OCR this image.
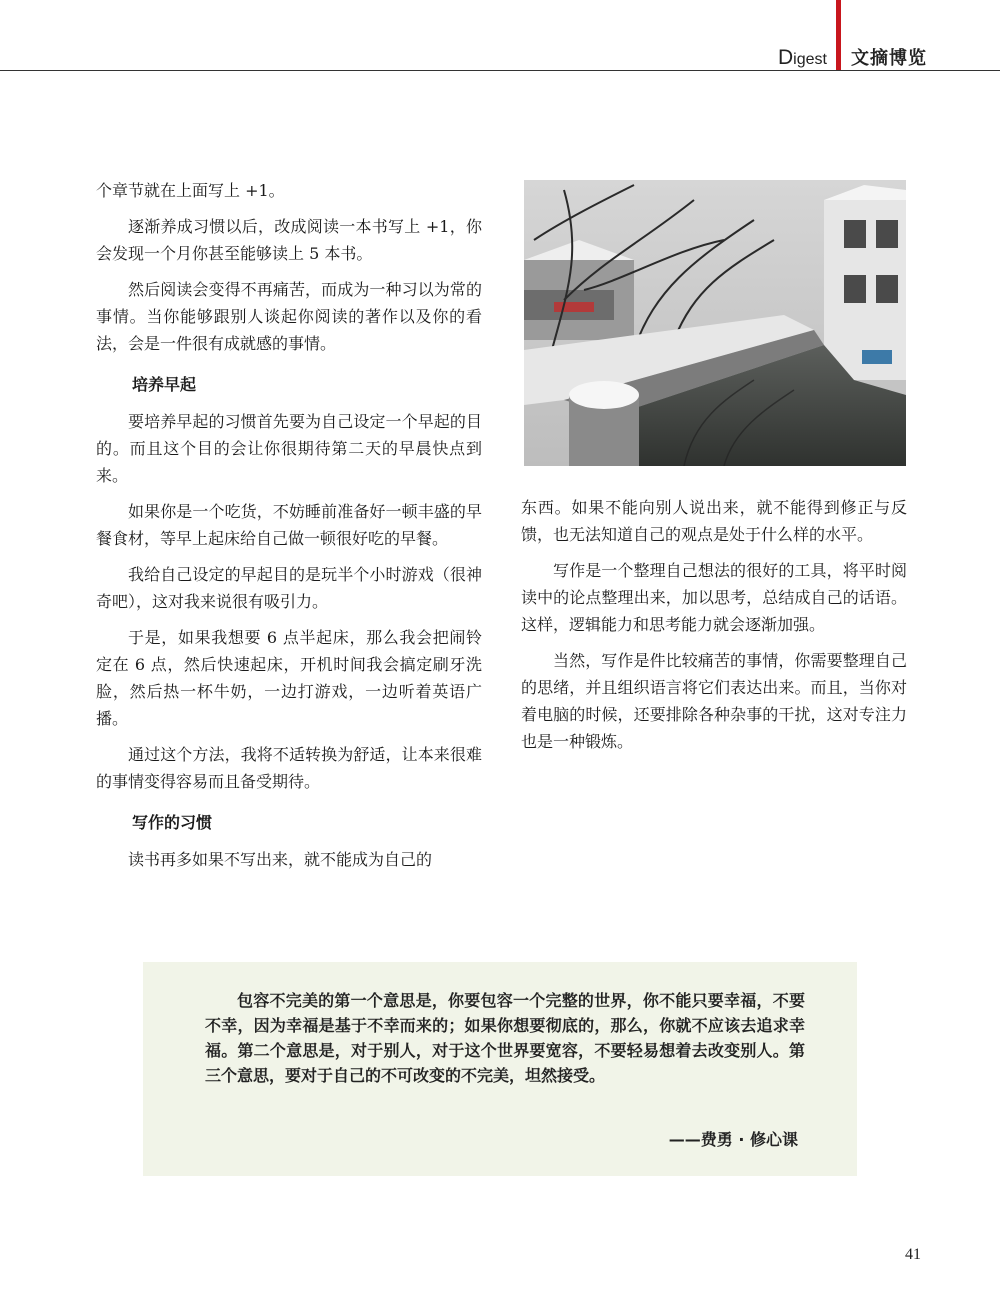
Digest 文摘博览

个章节就在上面写上 +1。

逐渐养成习惯以后，改成阅读一本书写上 +1，你会发现一个月你甚至能够读上 5 本书。

然后阅读会变得不再痛苦，而成为一种习以为常的事情。当你能够跟别人谈起你阅读的著作以及你的看法，会是一件很有成就感的事情。

培养早起

要培养早起的习惯首先要为自己设定一个早起的目的。而且这个目的会让你很期待第二天的早晨快点到来。

如果你是一个吃货，不妨睡前准备好一顿丰盛的早餐食材，等早上起床给自己做一顿很好吃的早餐。

我给自己设定的早起目的是玩半个小时游戏（很神奇吧），这对我来说很有吸引力。

于是，如果我想要 6 点半起床，那么我会把闹铃定在 6 点，然后快速起床，开机时间我会搞定刷牙洗脸，然后热一杯牛奶，一边打游戏，一边听着英语广播。

通过这个方法，我将不适转换为舒适，让本来很难的事情变得容易而且备受期待。

写作的习惯

读书再多如果不写出来，就不能成为自己的

东西。如果不能向别人说出来，就不能得到修正与反馈，也无法知道自己的观点是处于什么样的水平。

写作是一个整理自己想法的很好的工具，将平时阅读中的论点整理出来，加以思考，总结成自己的话语。这样，逻辑能力和思考能力就会逐渐加强。

当然，写作是件比较痛苦的事情，你需要整理自己的思绪，并且组织语言将它们表达出来。而且，当你对着电脑的时候，还要排除各种杂事的干扰，这对专注力也是一种锻炼。

包容不完美的第一个意思是，你要包容一个完整的世界，你不能只要幸福，不要不幸，因为幸福是基于不幸而来的；如果你想要彻底的，那么，你就不应该去追求幸福。第二个意思是，对于别人，对于这个世界要宽容，不要轻易想着去改变别人。第三个意思，要对于自己的不可改变的不完美，坦然接受。

——费勇 · 修心课
41
